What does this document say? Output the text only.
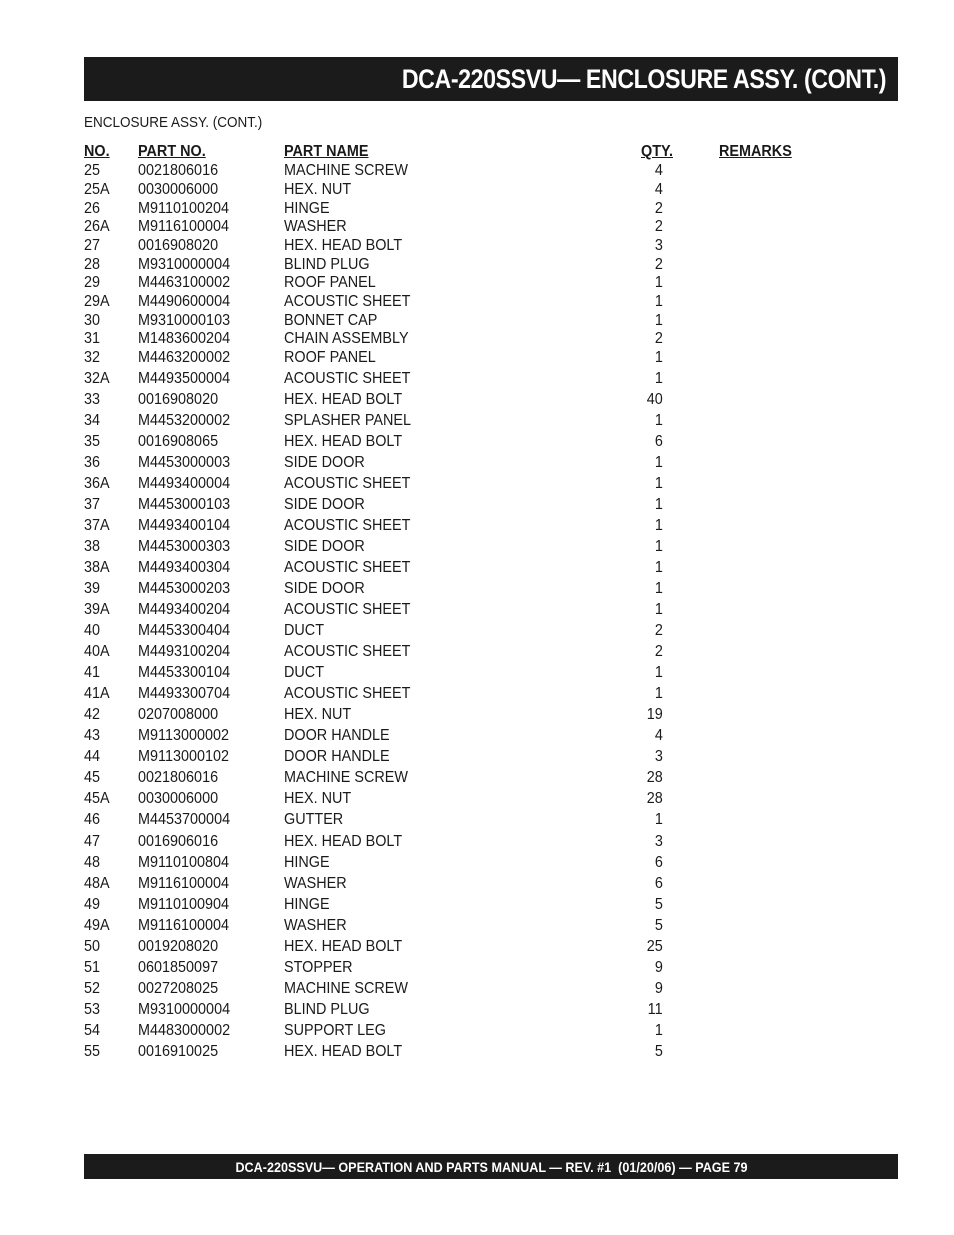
DCA-220SSVU— ENCLOSURE ASSY. (CONT.)
ENCLOSURE ASSY. (CONT.)
NO. PART NO.	PART NAME	QTY.	REMARKS
25 0021806016	MACHINE SCREW	4
25A 0030006000	HEX. NUT	4
26 M9110100204	HINGE	2
26A M9116100004	WASHER	2
27 0016908020	HEX. HEAD BOLT	3
28 M9310000004	BLIND PLUG	2
29 M4463100002	ROOF PANEL	1
29A M4490600004	ACOUSTIC SHEET	1
30 M9310000103	BONNET CAP	1
31 M1483600204	CHAIN ASSEMBLY	2
32 M4463200002	ROOF PANEL	1
32A M4493500004	ACOUSTIC SHEET	1
33 0016908020	HEX. HEAD BOLT	40
34 M4453200002	SPLASHER PANEL	1
35 0016908065	HEX. HEAD BOLT	6
36 M4453000003	SIDE DOOR	1
36A M4493400004	ACOUSTIC SHEET	1
37 M4453000103	SIDE DOOR	1
37A M4493400104	ACOUSTIC SHEET	1
38 M4453000303	SIDE DOOR	1
38A M4493400304	ACOUSTIC SHEET	1
39 M4453000203	SIDE DOOR	1
39A M4493400204	ACOUSTIC SHEET	1
40 M4453300404	DUCT	2
40A M4493100204	ACOUSTIC SHEET	2
41 M4453300104	DUCT	1
41A M4493300704	ACOUSTIC SHEET	1
42 0207008000	HEX. NUT	19
43 M9113000002	DOOR HANDLE	4
44 M9113000102	DOOR HANDLE	3
45 0021806016	MACHINE SCREW	28
45A 0030006000	HEX. NUT	28
46 M4453700004	GUTTER	1
47 0016906016	HEX. HEAD BOLT	3
48 M9110100804	HINGE	6
48A M9116100004	WASHER	6
49 M9110100904	HINGE	5
49A M9116100004	WASHER	5
50 0019208020	HEX. HEAD BOLT	25
51 0601850097	STOPPER	9
52 0027208025	MACHINE SCREW	9
53 M9310000004	BLIND PLUG	11
54 M4483000002	SUPPORT LEG	1
55 0016910025	HEX. HEAD BOLT	5
DCA-220SSVU— OPERATION AND PARTS MANUAL — REV. #1  (01/20/06) — PAGE 79
